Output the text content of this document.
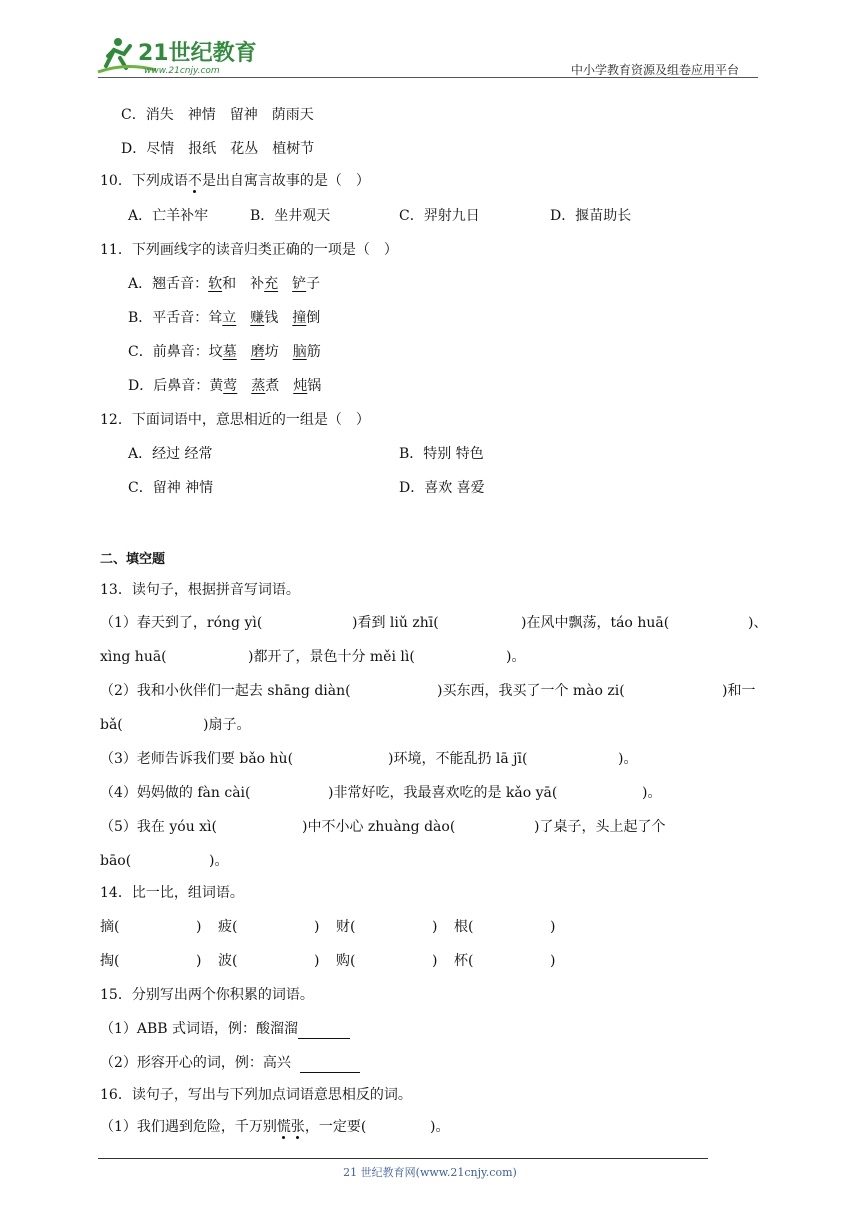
21世纪教育
www.21cnjy.com	中小学教育资源及组卷应用平台
C．消失　神情　留神　荫雨天
D．尽情　报纸　花丛　植树节
10．下列成语不是出自寓言故事的是（　）
A．亡羊补牢	B．坐井观天	C．羿射九日	D．揠苗助长
11．下列画线字的读音归类正确的一项是（　）
A．翘舌音：软和　补充　 铲子
B．平舌音：耸立　 赚钱　撞倒
C．前鼻音：坟墓　 磨坊　脑筋
D．后鼻音：黄莺　 蒸煮　炖锅
12．下面词语中，意思相近的一组是（　）
A．经过 经常	B．特别 特色
C．留神 神情	D．喜欢 喜爱
二、填空题
13．读句子，根据拼音写词语。
（1）春天到了，róng yì(	)看到 liǔ zhī(	)在风中飘荡，táo huā(	)、
xìng huā(	)都开了，景色十分 měi lì(	)。
（2）我和小伙伴们一起去 shāng diàn(	)买东西，我买了一个 mào zi(	)和一
bǎ(	)扇子。
（3）老师告诉我们要 bǎo hù(	)环境，不能乱扔 lā jī(	)。
（4）妈妈做的 fàn cài(	)非常好吃，我最喜欢吃的是 kǎo yā(	)。
（5）我在 yóu xì(	)中不小心 zhuàng dào(	)了桌子，头上起了个
bāo(	)。
14．比一比，组词语。
摘(	) 疲(	) 财(	) 根(	)
掏(	) 波(	) 购(	) 杯(	)
15．分别写出两个你积累的词语。
（1）ABB 式词语，例：酸溜溜
（2）形容开心的词，例：高兴
16．读句子，写出与下列加点词语意思相反的词。
（1）我们遇到危险，千万别慌张，一定要(	)。
21 世纪教育网(www.21cnjy.com)
